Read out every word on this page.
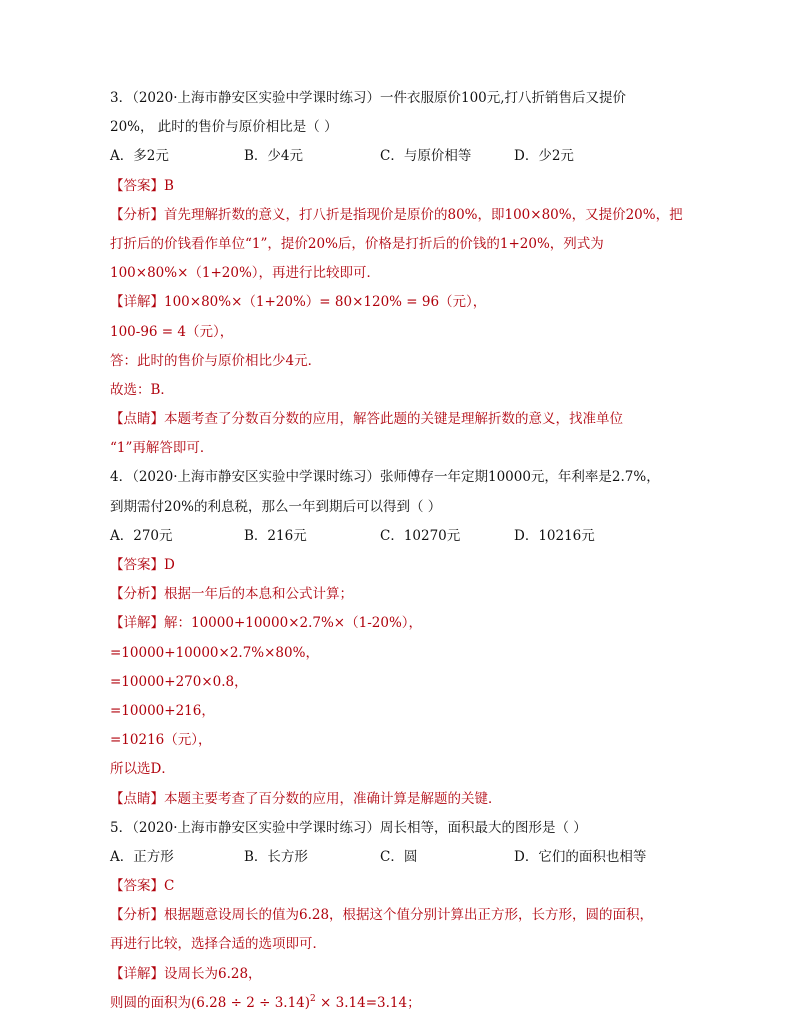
3．（2020·上海市静安区实验中学课时练习）一件衣服原价100元,打八折销售后又提价
20%， 此时的售价与原价相比是（ ）
A．多2元	B．少4元	C．与原价相等	D．少2元
【答案】B
【分析】首先理解折数的意义，打八折是指现价是原价的80%，即100×80%，又提价20%，把
打折后的价钱看作单位“1”，提价20%后，价格是打折后的价钱的1+20%，列式为
100×80%×（1+20%），再进行比较即可．
【详解】100×80%×（1+20%）= 80×120% = 96（元），
100-96 = 4（元），
答：此时的售价与原价相比少4元．
故选：B．
【点睛】本题考查了分数百分数的应用，解答此题的关键是理解折数的意义，找准单位
“1”再解答即可．
4．（2020·上海市静安区实验中学课时练习）张师傅存一年定期10000元，年利率是2.7%，
到期需付20%的利息税，那么一年到期后可以得到（ ）
A．270元	B．216元	C．10270元	D．10216元
【答案】D
【分析】根据一年后的本息和公式计算；
【详解】解：10000+10000×2.7%×（1-20%），
=10000+10000×2.7%×80%，
=10000+270×0.8，
=10000+216，
=10216（元），
所以选D．
【点睛】本题主要考查了百分数的应用，准确计算是解题的关键．
5．（2020·上海市静安区实验中学课时练习）周长相等，面积最大的图形是（ ）
A．正方形	B．长方形	C．圆	D．它们的面积也相等
【答案】C
【分析】根据题意设周长的值为6.28，根据这个值分别计算出正方形，长方形，圆的面积，
再进行比较，选择合适的选项即可．
【详解】设周长为6.28，
则圆的面积为$(6.28 \div 2 \div 3.14)^2 \times 3.14=3.14$；
